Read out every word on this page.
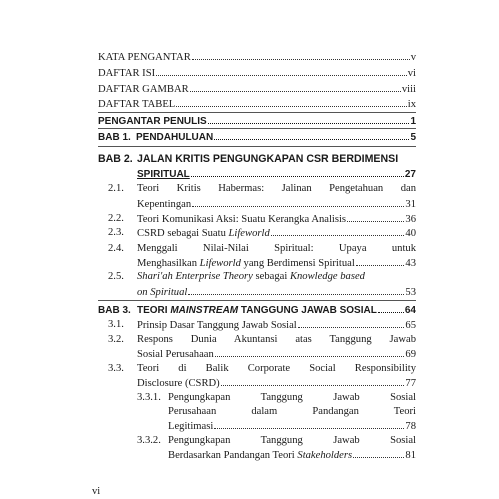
KATA PENGANTAR	v
DAFTAR ISI	vi
DAFTAR GAMBAR	viii
DAFTAR TABEL	ix
PENGANTAR PENULIS	1
BAB 1. PENDAHULUAN	5
BAB 2. JALAN KRITIS PENGUNGKAPAN CSR BERDIMENSI
SPIRITUAL	27
2.1. Teori Kritis Habermas: Jalinan Pengetahuan dan
Kepentingan	31
2.2. Teori Komunikasi Aksi: Suatu Kerangka Analisis	36
2.3. CSRD sebagai Suatu Lifeworld	40
2.4. Menggali Nilai-Nilai Spiritual: Upaya untuk
Menghasilkan Lifeworld yang Berdimensi Spiritual	43
2.5. Shari'ah Enterprise Theory sebagai Knowledge based
on Spiritual	53
BAB 3. TEORI MAINSTREAM TANGGUNG JAWAB SOSIAL	64
3.1. Prinsip Dasar Tanggung Jawab Sosial	65
3.2. Respons Dunia Akuntansi atas Tanggung Jawab
Sosial Perusahaan	69
3.3. Teori di Balik Corporate Social Responsibility
Disclosure (CSRD)	77
3.3.1. Pengungkapan Tanggung Jawab Sosial
Perusahaan dalam Pandangan Teori
Legitimasi	78
3.3.2. Pengungkapan Tanggung Jawab Sosial
Berdasarkan Pandangan Teori Stakeholders	81
vi
